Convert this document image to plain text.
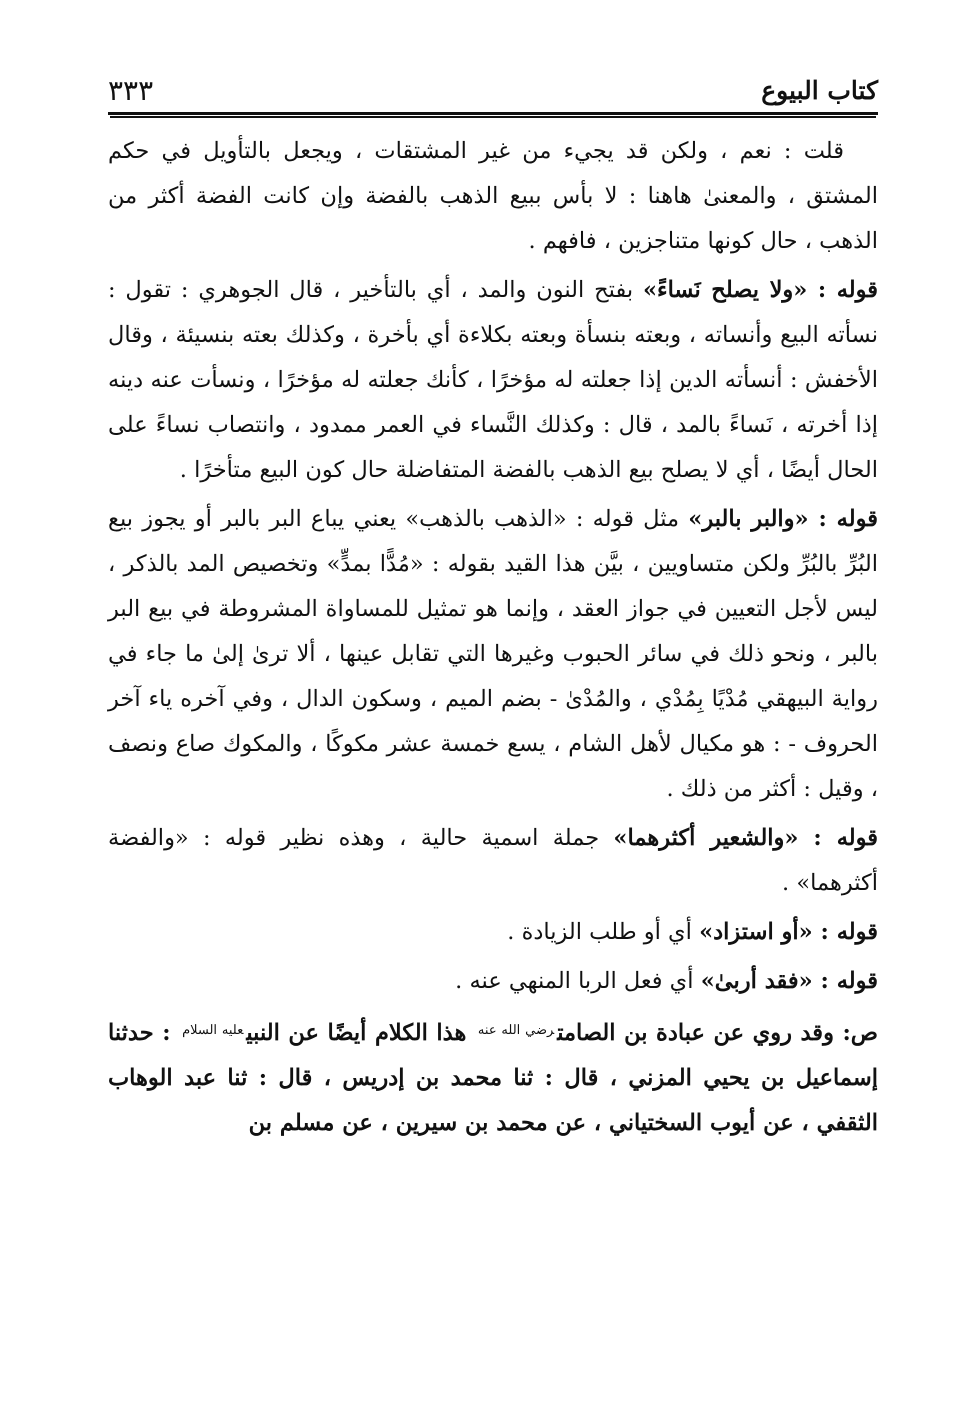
كتاب البيوع
٣٣٣

قلت : نعم ، ولكن قد يجيء من غير المشتقات ، ويجعل بالتأويل في حكم المشتق ، والمعنىٰ هاهنا : لا بأس ببيع الذهب بالفضة وإن كانت الفضة أكثر من الذهب ، حال كونها متناجزين ، فافهم .

قوله : «ولا يصلح نَساءً» بفتح النون والمد ، أي بالتأخير ، قال الجوهري : تقول : نسأته البيع وأنساته ، وبعته بنسأة وبعته بكلاءة أي بأخرة ، وكذلك بعته بنسيئة ، وقال الأخفش : أنسأته الدين إذا جعلته له مؤخرًا ، كأنك جعلته له مؤخرًا ، ونسأت عنه دينه إذا أخرته ، نَساءً بالمد ، قال : وكذلك النَّساء في العمر ممدود ، وانتصاب نساءً على الحال أيضًا ، أي لا يصلح بيع الذهب بالفضة المتفاضلة حال كون البيع متأخرًا .

قوله : «والبر بالبر» مثل قوله : «الذهب بالذهب» يعني يباع البر بالبر أو يجوز بيع البُرِّ بالبُرِّ ولكن متساويين ، بيَّن هذا القيد بقوله : «مُدًّا بمدٍّ» وتخصيص المد بالذكر ، ليس لأجل التعيين في جواز العقد ، وإنما هو تمثيل للمساواة المشروطة في بيع البر بالبر ، ونحو ذلك في سائر الحبوب وغيرها التي تقابل عينها ، ألا ترىٰ إلىٰ ما جاء في رواية البيهقي مُدْيًا بِمُدْي ، والمُدْىٰ - بضم الميم ، وسكون الدال ، وفي آخره ياء آخر الحروف - : هو مكيال لأهل الشام ، يسع خمسة عشر مكوكًا ، والمكوك صاع ونصف ، وقيل : أكثر من ذلك .

قوله : «والشعير أكثرهما» جملة اسمية حالية ، وهذه نظير قوله : «والفضة أكثرهما» .

قوله : «أو استزاد» أي أو طلب الزيادة .

قوله : «فقد أربىٰ» أي فعل الربا المنهي عنه .

ص: وقد روي عن عبادة بن الصامت$^{رضي الله عنه}$ هذا الكلام أيضًا عن النبي$^{عليه السلام}$ : حدثنا إسماعيل بن يحيي المزني ، قال : ثنا محمد بن إدريس ، قال : ثنا عبد الوهاب الثقفي ، عن أيوب السختياني ، عن محمد بن سيرين ، عن مسلم بن
